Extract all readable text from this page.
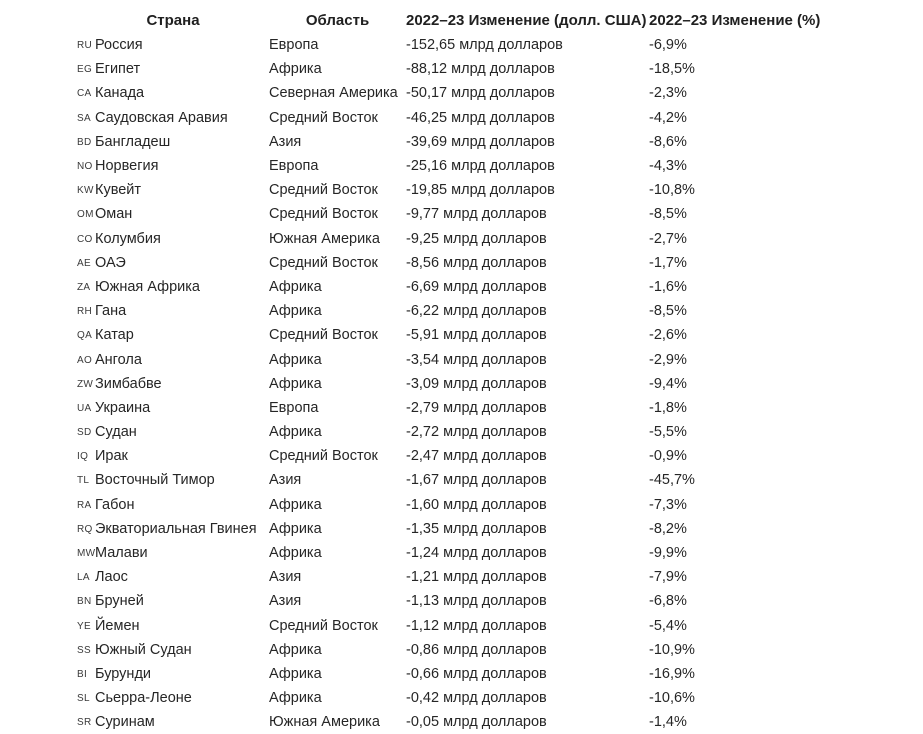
Страна	Область	2022–23 Изменение (долл. США)	2022–23 Изменение (%)
RU Россия	Европа	-152,65 млрд долларов	-6,9%
EG Египет	Африка	-88,12 млрд долларов	-18,5%
CA Канада	Северная Америка	-50,17 млрд долларов	-2,3%
SA Саудовская Аравия	Средний Восток	-46,25 млрд долларов	-4,2%
BD Бангладеш	Азия	-39,69 млрд долларов	-8,6%
NO Норвегия	Европа	-25,16 млрд долларов	-4,3%
KWКувейт	Средний Восток	-19,85 млрд долларов	-10,8%
OMОман	Средний Восток	-9,77 млрд долларов	-8,5%
CO Колумбия	Южная Америка	-9,25 млрд долларов	-2,7%
AE ОАЭ	Средний Восток	-8,56 млрд долларов	-1,7%
ZA Южная Африка	Африка	-6,69 млрд долларов	-1,6%
RH Гана	Африка	-6,22 млрд долларов	-8,5%
QA Катар	Средний Восток	-5,91 млрд долларов	-2,6%
AO Ангола	Африка	-3,54 млрд долларов	-2,9%
ZW Зимбабве	Африка	-3,09 млрд долларов	-9,4%
UA Украина	Европа	-2,79 млрд долларов	-1,8%
SD Судан	Африка	-2,72 млрд долларов	-5,5%
IQ Ирак	Средний Восток	-2,47 млрд долларов	-0,9%
TL Восточный Тимор	Азия	-1,67 млрд долларов	-45,7%
RA Габон	Африка	-1,60 млрд долларов	-7,3%
RQ Экваториальная Гвинея	Африка	-1,35 млрд долларов	-8,2%
MWМалави	Африка	-1,24 млрд долларов	-9,9%
LA Лаос	Азия	-1,21 млрд долларов	-7,9%
BN Бруней	Азия	-1,13 млрд долларов	-6,8%
YE Йемен	Средний Восток	-1,12 млрд долларов	-5,4%
SS Южный Судан	Африка	-0,86 млрд долларов	-10,9%
BI Бурунди	Африка	-0,66 млрд долларов	-16,9%
SL Сьерра-Леоне	Африка	-0,42 млрд долларов	-10,6%
SR Суринам	Южная Америка	-0,05 млрд долларов	-1,4%
